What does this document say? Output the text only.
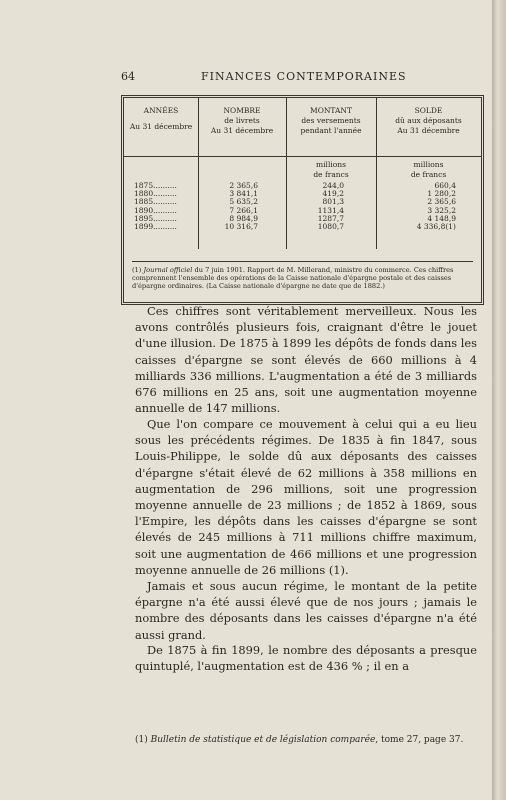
64	FINANCES CONTEMPORAINES
ANNÉES
Au 31 décembre
NOMBRE
de livrets
Au 31 décembre
MONTANT
des versements
pendant l'année
SOLDE
dû aux déposants
Au 31 décembre
millions
de francs
millions
de francs
1875..........
1880..........
1885..........
1890..........
1895..........
1899..........
2 365,6
3 841,1
5 635,2
7 266,1
8 984,9
10 316,7
244,0
419,2
801,3
1131,4
1287,7
1080,7
660,4
1 280,2
2 365,6
3 325,2
4 148,9
4 336,8(1)
(1) Journal officiel du 7 juin 1901. Rapport de M. Millerand, ministre du commerce. Ces chiffres comprennent l'ensemble des opérations de la Caisse nationale d'épargne postale et des caisses d'épargne ordinaires. (La Caisse nationale d'épargne ne date que de 1882.)

Ces chiffres sont véritablement merveilleux. Nous les avons contrôlés plusieurs fois, craignant d'être le jouet d'une illusion. De 1875 à 1899 les dépôts de fonds dans les caisses d'épargne se sont élevés de 660 millions à 4 milliards 336 millions. L'augmentation a été de 3 milliards 676 millions en 25 ans, soit une augmentation moyenne annuelle de 147 millions.

Que l'on compare ce mouvement à celui qui a eu lieu sous les précédents régimes. De 1835 à fin 1847, sous Louis-Philippe, le solde dû aux déposants des caisses d'épargne s'était élevé de 62 millions à 358 millions en augmentation de 296 millions, soit une progression moyenne annuelle de 23 millions ; de 1852 à 1869, sous l'Empire, les dépôts dans les caisses d'épargne se sont élevés de 245 millions à 711 millions chiffre maximum, soit une augmentation de 466 millions et une progression moyenne annuelle de 26 millions (1).

Jamais et sous aucun régime, le montant de la petite épargne n'a été aussi élevé que de nos jours ; jamais le nombre des déposants dans les caisses d'épargne n'a été aussi grand.

De 1875 à fin 1899, le nombre des déposants a presque quintuplé, l'augmentation est de 436 % ; il en a

(1) Bulletin de statistique et de législation comparée, tome 27, page 37.
